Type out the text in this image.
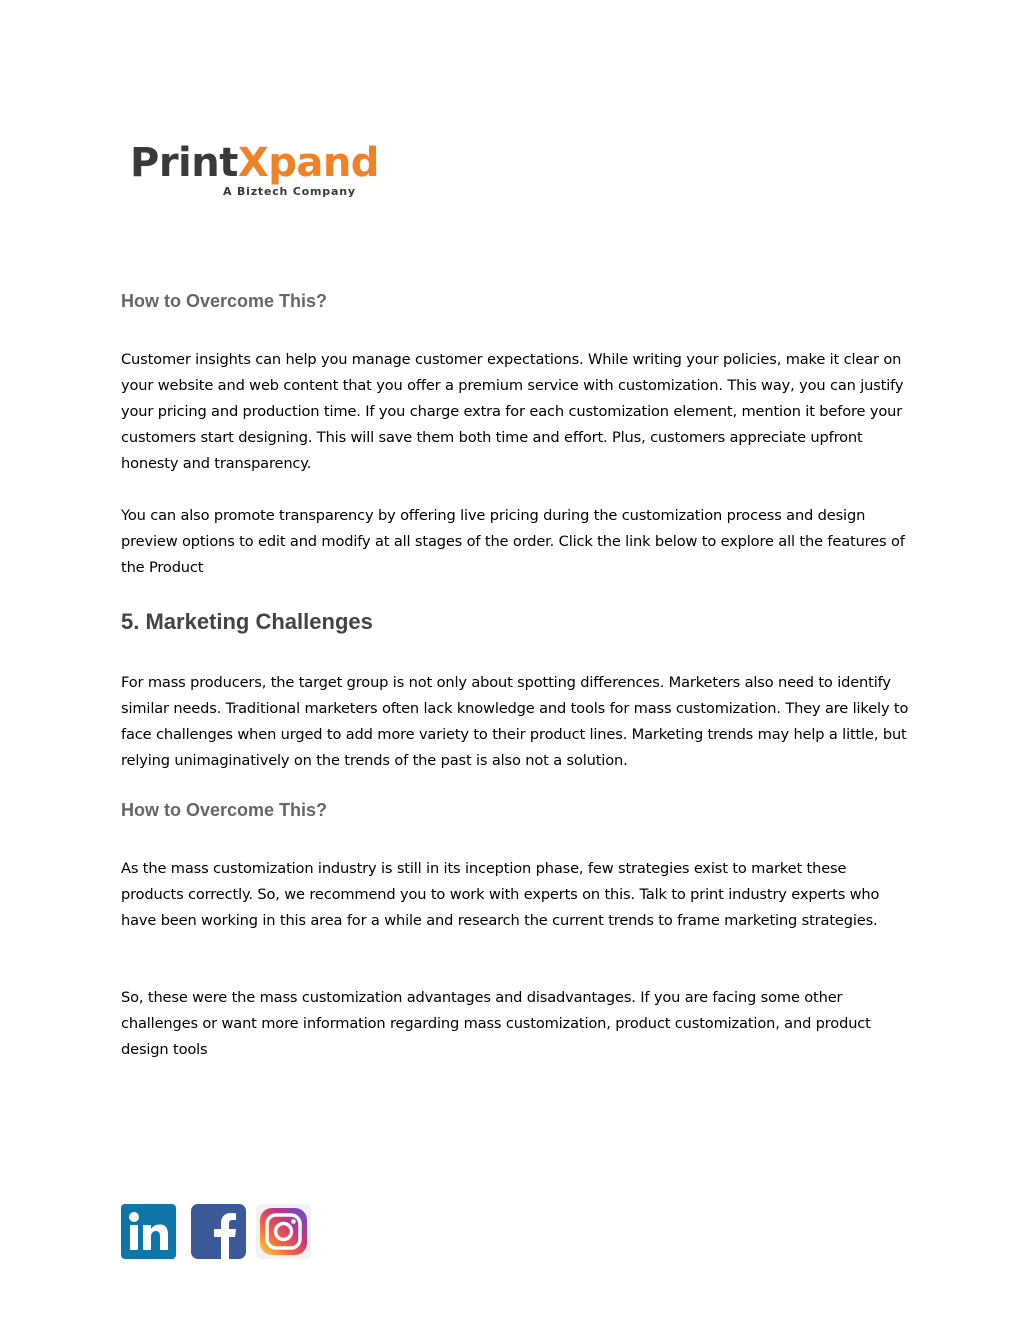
PrintXpand
A Biztech Company
How to Overcome This?

Customer insights can help you manage customer expectations. While writing your policies, make it clear on your website and web content that you offer a premium service with customization. This way, you can justify your pricing and production time. If you charge extra for each customization element, mention it before your customers start designing. This will save them both time and effort. Plus, customers appreciate upfront honesty and transparency.

You can also promote transparency by offering live pricing during the customization process and design preview options to edit and modify at all stages of the order. Click the link below to explore all the features of the Product

5. Marketing Challenges

For mass producers, the target group is not only about spotting differences. Marketers also need to identify similar needs. Traditional marketers often lack knowledge and tools for mass customization. They are likely to face challenges when urged to add more variety to their product lines. Marketing trends may help a little, but relying unimaginatively on the trends of the past is also not a solution.

How to Overcome This?

As the mass customization industry is still in its inception phase, few strategies exist to market these products correctly. So, we recommend you to work with experts on this. Talk to print industry experts who have been working in this area for a while and research the current trends to frame marketing strategies.

So, these were the mass customization advantages and disadvantages. If you are facing some other challenges or want more information regarding mass customization, product customization, and product design tools
